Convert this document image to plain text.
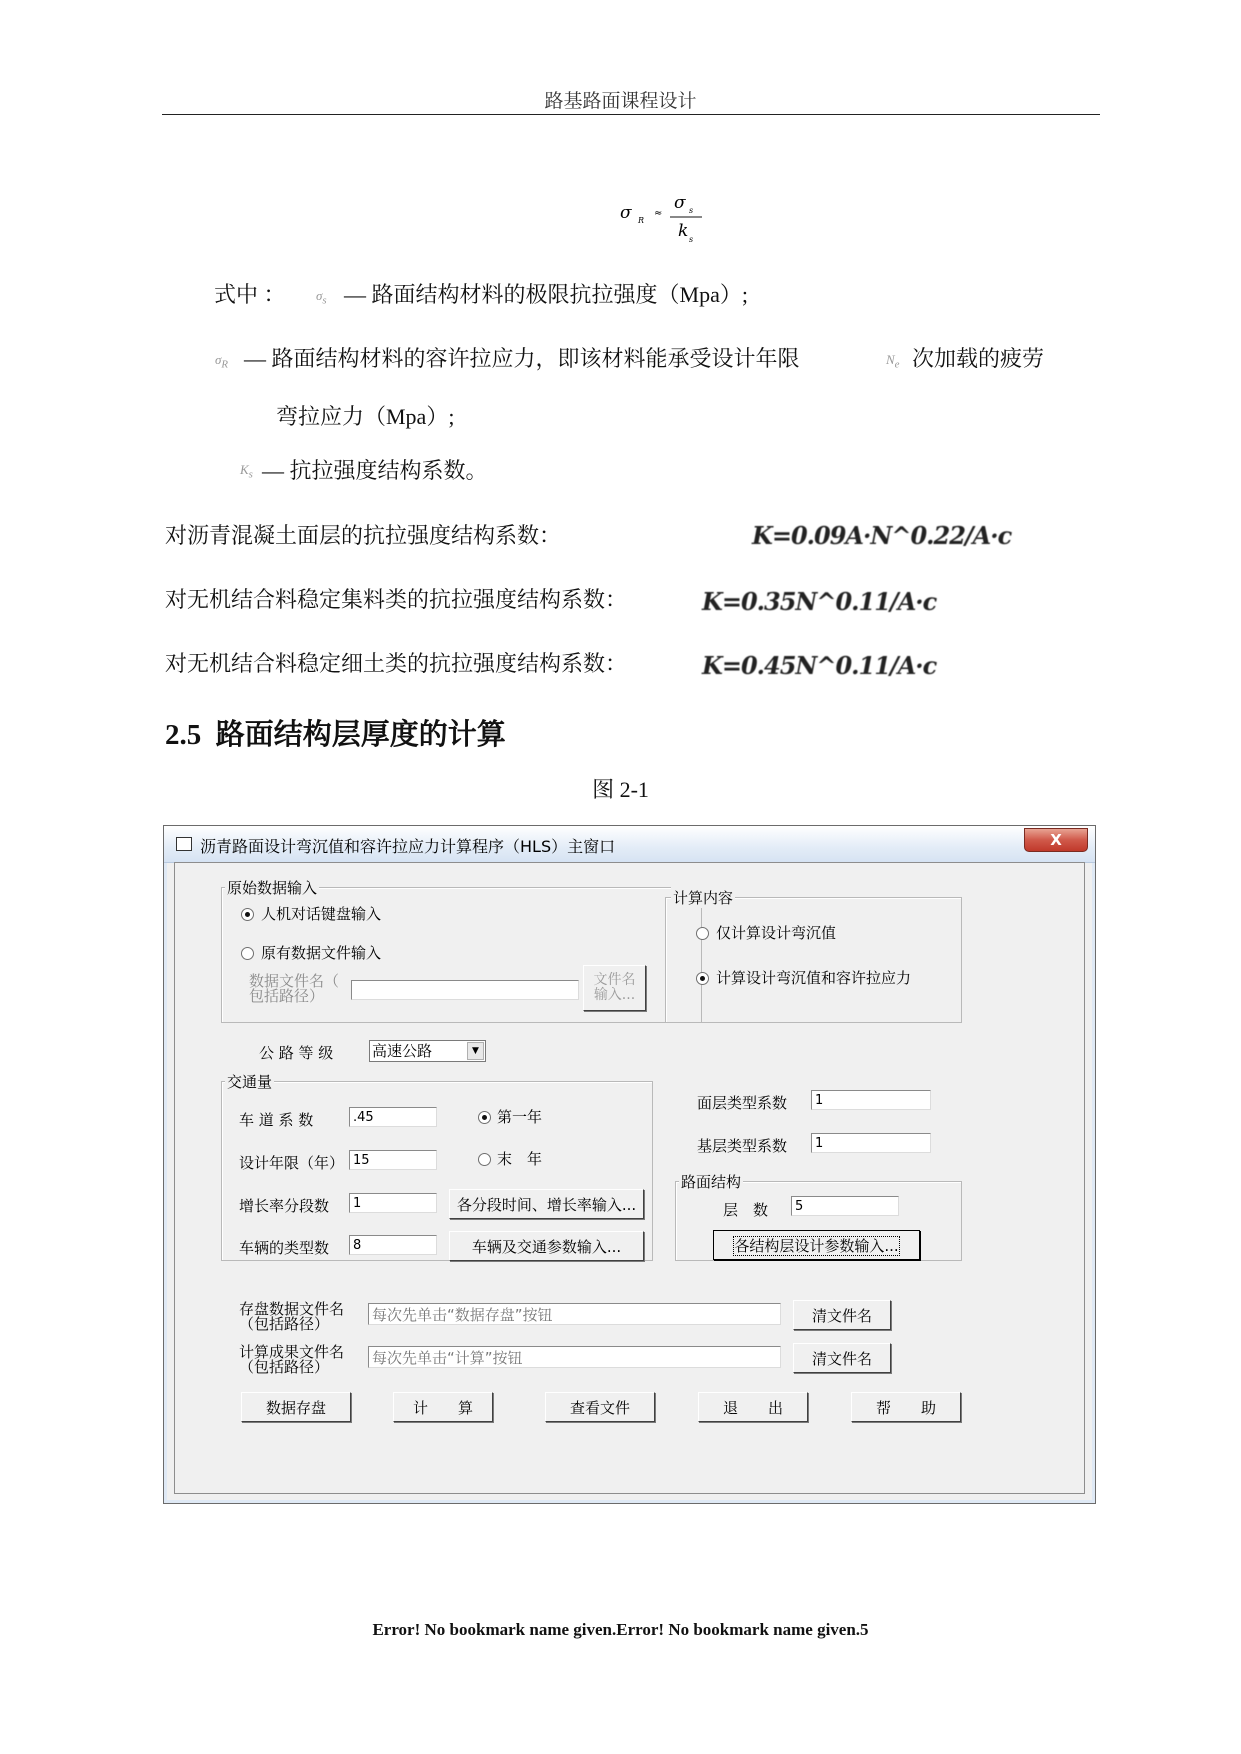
路基路面课程设计
σ R
≈
σ s
k s
式中 ： $\sigma_s$ — 路面结构材料的极限抗拉强度（Mpa）;
$\sigma_R$ — 路面结构材料的容许拉应力，即该材料能承受设计年限	$N_e$ 次加载的疲劳
弯拉应力（Mpa）;
$K_s$ — 抗拉强度结构系数。
对沥青混凝土面层的抗拉强度结构系数：	K=0.09A·N^0.22/A·c
对无机结合料稳定集料类的抗拉强度结构系数：	K=0.35N^0.11/A·c
对无机结合料稳定细土类的抗拉强度结构系数：	K=0.45N^0.11/A·c
2.5 路面结构层厚度的计算
图 2-1
沥青路面设计弯沉值和容许拉应力计算程序（HLS）主窗口	X
原始数据输入
人机对话键盘输入
原有数据文件输入
数据文件名（
包括路径）
文件名
输入...
计算内容
仅计算设计弯沉值
计算设计弯沉值和容许拉应力
公 路 等 级	高速公路	▼
交通量
车 道 系 数	.45	第一年
设计年限（年） 15	末　年
增长率分段数	1	各分段时间、增长率输入...
车辆的类型数	8	车辆及交通参数输入...
面层类型系数	1
基层类型系数	1
路面结构
层　数	5
各结构层设计参数输入...
存盘数据文件名
（包括路径）	每次先单击“数据存盘”按钮	清文件名
计算成果文件名
（包括路径）	每次先单击“计算”按钮	清文件名
数据存盘	计　　算	查看文件	退　　出	帮　　助
Error! No bookmark name given.Error! No bookmark name given.5
